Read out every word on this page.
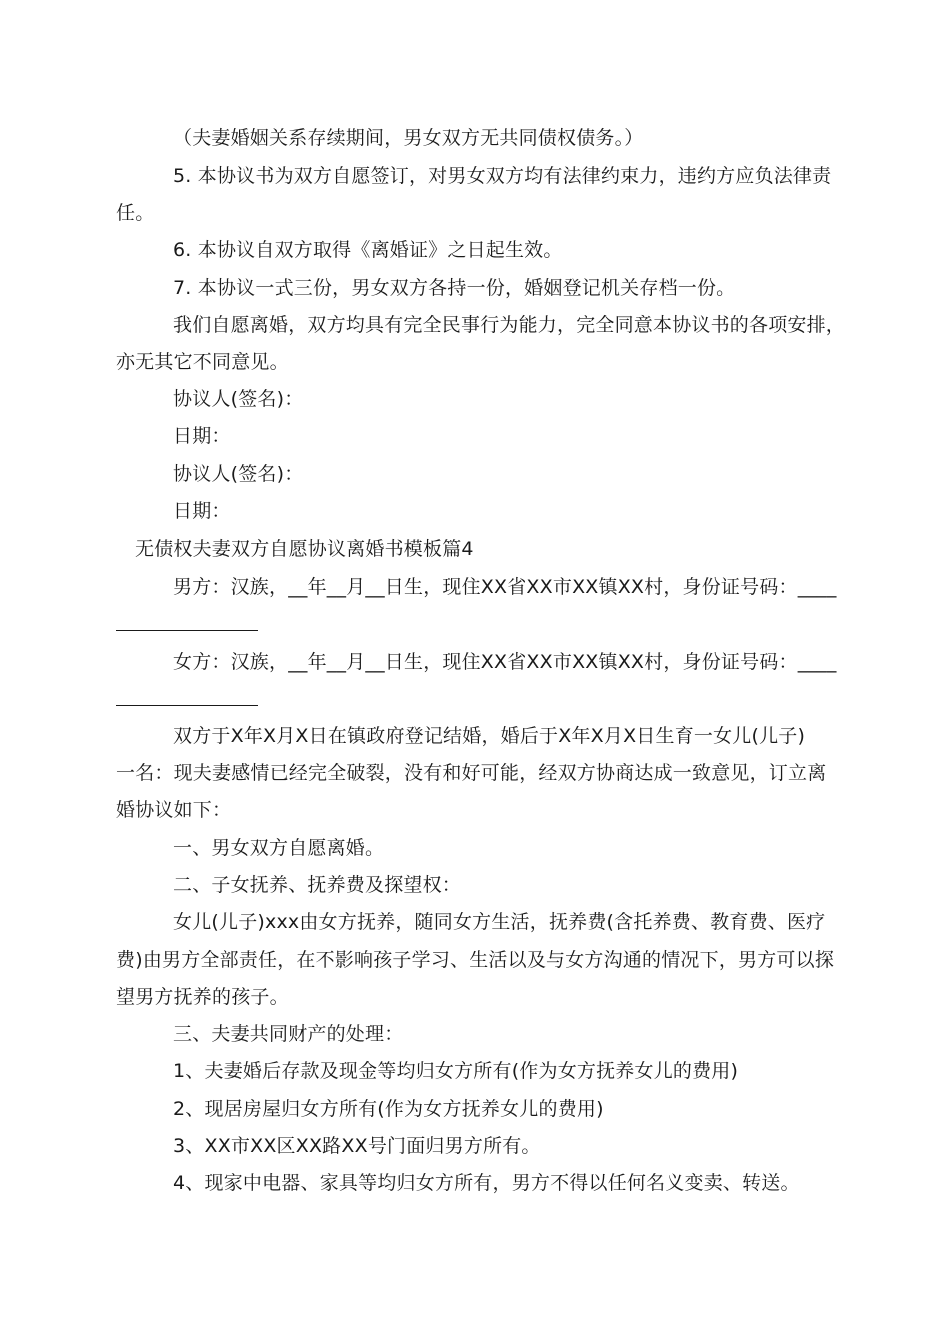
（夫妻婚姻关系存续期间，男女双方无共同债权债务。）
5. 本协议书为双方自愿签订，对男女双方均有法律约束力，违约方应负法律责
任。
6. 本协议自双方取得《离婚证》之日起生效。
7. 本协议一式三份，男女双方各持一份，婚姻登记机关存档一份。
我们自愿离婚，双方均具有完全民事行为能力，完全同意本协议书的各项安排，
亦无其它不同意见。
协议人(签名)：
日期：
协议人(签名)：
日期：
无债权夫妻双方自愿协议离婚书模板篇4
男方：汉族，__年__月__日生，现住XX省XX市XX镇XX村，身份证号码：____
女方：汉族，__年__月__日生，现住XX省XX市XX镇XX村，身份证号码：____
双方于X年X月X日在镇政府登记结婚，婚后于X年X月X日生育一女儿(儿子)
一名：现夫妻感情已经完全破裂，没有和好可能，经双方协商达成一致意见，订立离
婚协议如下：
一、男女双方自愿离婚。
二、子女抚养、抚养费及探望权：
女儿(儿子)xxx由女方抚养，随同女方生活，抚养费(含托养费、教育费、医疗
费)由男方全部责任，在不影响孩子学习、生活以及与女方沟通的情况下，男方可以探
望男方抚养的孩子。
三、夫妻共同财产的处理：
1、夫妻婚后存款及现金等均归女方所有(作为女方抚养女儿的费用)
2、现居房屋归女方所有(作为女方抚养女儿的费用)
3、XX市XX区XX路XX号门面归男方所有。
4、现家中电器、家具等均归女方所有，男方不得以任何名义变卖、转送。
